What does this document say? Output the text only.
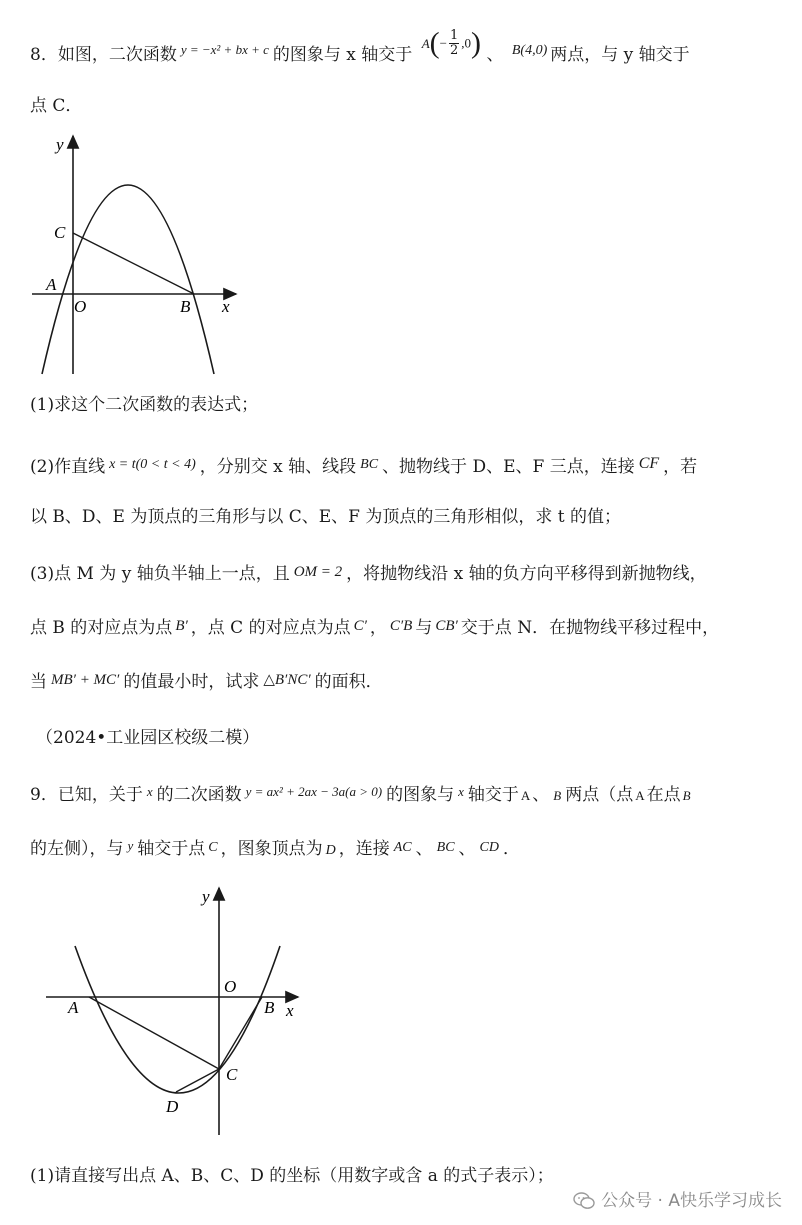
8．如图，二次函数 $^{y = -x^2 + bx + c}$ 的图象与 x 轴交于 $A(- \frac{1}{2} ,0)$ 、 $^{B(4,0)}$ 两点，与 y 轴交于
点 C．
y
x
C
A
O	B
(1)求这个二次函数的表达式；
(2)作直线 $^{x = t(0 < t < 4)}$ ，分别交 x 轴、线段 $^{BC}$ 、抛物线于 D、E、F 三点，连接 CF ，若
以 B、D、E 为顶点的三角形与以 C、E、F 为顶点的三角形相似，求 t 的值；
(3)点 M 为 y 轴负半轴上一点，且 OM = 2 ，将抛物线沿 x 轴的负方向平移得到新抛物线，
点 B 的对应点为点 B′ ，点 C 的对应点为点 C′ ， C′B 与 CB′ 交于点 N．在抛物线平移过程中，
当 MB′ + MC′ 的值最小时，试求 △B′NC′ 的面积．
（2024•工业园区校级二模）
9．已知，关于 $^x$ 的二次函数 $^{y = ax^2 + 2ax - 3a(a > 0)}$ 的图象与 $^x$ 轴交于 A 、 B 两点（点 A 在点 B
的左侧），与 $^y$ 轴交于点 C ，图象顶点为 D ，连接 AC 、 BC 、 CD ．
y
x
O
A	B
C
D
(1)请直接写出点 A、B、C、D 的坐标（用数字或含 a 的式子表示）；
公众号 · A快乐学习成长
